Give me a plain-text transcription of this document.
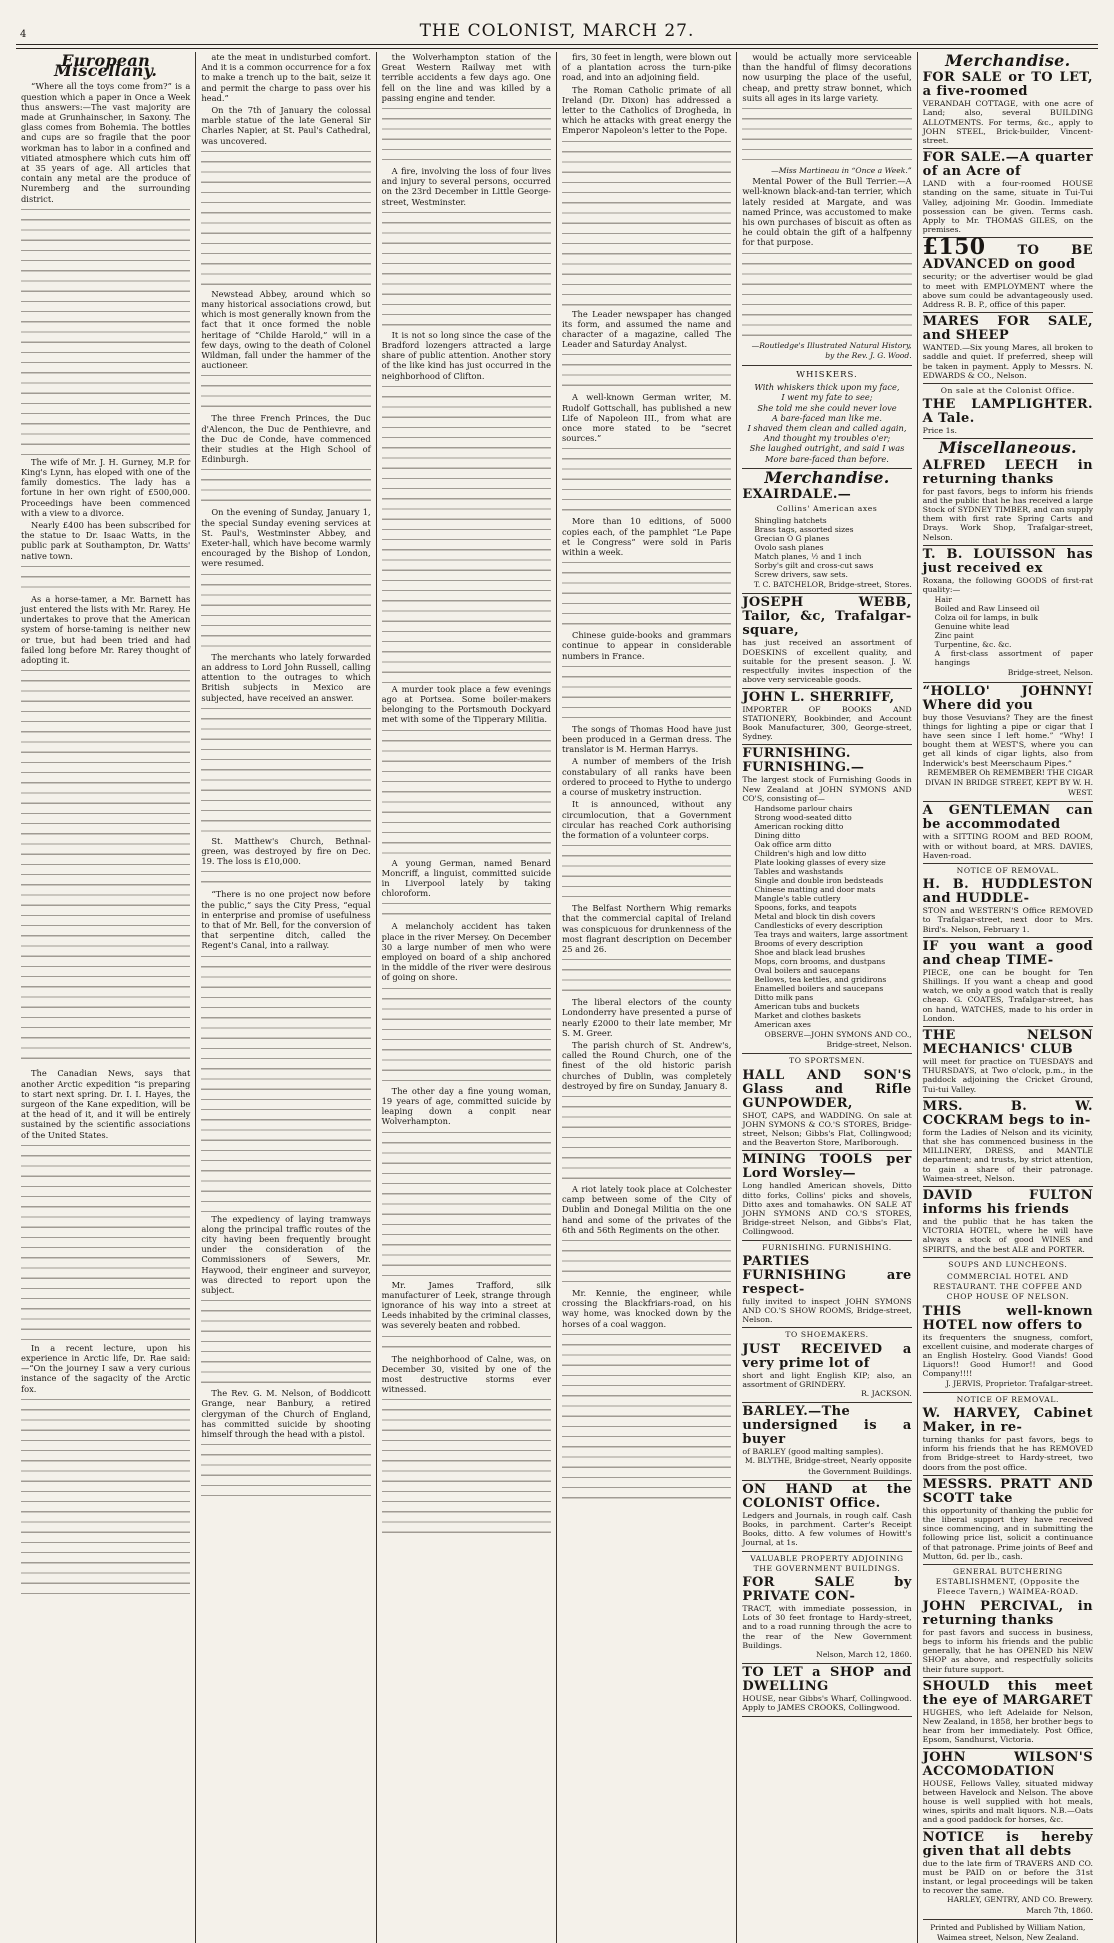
4	THE COLONIST, MARCH 27.
European Miscellany.

“Where all the toys come from?” is a question which a paper in Once a Week thus answers:—The vast majority are made at Grunhainscher, in Saxony. The glass comes from Bohemia. The bottles and cups are so fragile that the poor workman has to labor in a confined and vitiated atmosphere which cuts him off at 35 years of age. All articles that contain any metal are the produce of Nuremberg and the surrounding district.

The wife of Mr. J. H. Gurney, M.P. for King's Lynn, has eloped with one of the family domestics. The lady has a fortune in her own right of £500,000. Proceedings have been commenced with a view to a divorce.

Nearly £400 has been subscribed for the statue to Dr. Isaac Watts, in the public park at Southampton, Dr. Watts' native town.

As a horse-tamer, a Mr. Barnett has just entered the lists with Mr. Rarey. He undertakes to prove that the American system of horse-taming is neither new or true, but had been tried and had failed long before Mr. Rarey thought of adopting it.

The Canadian News, says that another Arctic expedition “is preparing to start next spring. Dr. I. I. Hayes, the surgeon of the Kane expedition, will be at the head of it, and it will be entirely sustained by the scientific associations of the United States.

In a recent lecture, upon his experience in Arctic life, Dr. Rae said:—“On the journey I saw a very curious instance of the sagacity of the Arctic fox.

ate the meat in undisturbed comfort. And it is a common occurrence for a fox to make a trench up to the bait, seize it and permit the charge to pass over his head.”

On the 7th of January the colossal marble statue of the late General Sir Charles Napier, at St. Paul's Cathedral, was uncovered.

Newstead Abbey, around which so many historical associations crowd, but which is most generally known from the fact that it once formed the noble heritage of “Childe Harold,” will in a few days, owing to the death of Colonel Wildman, fall under the hammer of the auctioneer.

The three French Princes, the Duc d'Alencon, the Duc de Penthievre, and the Duc de Conde, have commenced their studies at the High School of Edinburgh.

On the evening of Sunday, January 1, the special Sunday evening services at St. Paul's, Westminster Abbey, and Exeter-hall, which have become warmly encouraged by the Bishop of London, were resumed.

The merchants who lately forwarded an address to Lord John Russell, calling attention to the outrages to which British subjects in Mexico are subjected, have received an answer.

St. Matthew's Church, Bethnal-green, was destroyed by fire on Dec. 19. The loss is £10,000.

“There is no one project now before the public,” says the City Press, “equal in enterprise and promise of usefulness to that of Mr. Bell, for the conversion of that serpentine ditch, called the Regent's Canal, into a railway.

The expediency of laying tramways along the principal traffic routes of the city having been frequently brought under the consideration of the Commissioners of Sewers, Mr. Haywood, their engineer and surveyor, was directed to report upon the subject.

The Rev. G. M. Nelson, of Boddicott Grange, near Banbury, a retired clergyman of the Church of England, has committed suicide by shooting himself through the head with a pistol.

the Wolverhampton station of the Great Western Railway met with terrible accidents a few days ago. One fell on the line and was killed by a passing engine and tender.

A fire, involving the loss of four lives and injury to several persons, occurred on the 23rd December in Little George-street, Westminster.

It is not so long since the case of the Bradford lozengers attracted a large share of public attention. Another story of the like kind has just occurred in the neighborhood of Clifton.

A murder took place a few evenings ago at Portsea. Some boiler-makers belonging to the Portsmouth Dockyard met with some of the Tipperary Militia.

A young German, named Benard Moncriff, a linguist, committed suicide in Liverpool lately by taking chloroform.

A melancholy accident has taken place in the river Mersey. On December 30 a large number of men who were employed on board of a ship anchored in the middle of the river were desirous of going on shore.

The other day a fine young woman, 19 years of age, committed suicide by leaping down a conpit near Wolverhampton.

Mr. James Trafford, silk manufacturer of Leek, strange through ignorance of his way into a street at Leeds inhabited by the criminal classes, was severely beaten and robbed.

The neighborhood of Calne, was, on December 30, visited by one of the most destructive storms ever witnessed.

firs, 30 feet in length, were blown out of a plantation across the turn-pike road, and into an adjoining field.

The Roman Catholic primate of all Ireland (Dr. Dixon) has addressed a letter to the Catholics of Drogheda, in which he attacks with great energy the Emperor Napoleon's letter to the Pope.

The Leader newspaper has changed its form, and assumed the name and character of a magazine, called The Leader and Saturday Analyst.

A well-known German writer, M. Rudolf Gottschall, has published a new Life of Napoleon III., from what are once more stated to be “secret sources.”

More than 10 editions, of 5000 copies each, of the pamphlet “Le Pape et le Congress” were sold in Paris within a week.

Chinese guide-books and grammars continue to appear in considerable numbers in France.

The songs of Thomas Hood have just been produced in a German dress. The translator is M. Herman Harrys.

A number of members of the Irish constabulary of all ranks have been ordered to proceed to Hythe to undergo a course of musketry instruction.

It is announced, without any circumlocution, that a Government circular has reached Cork authorising the formation of a volunteer corps.

The Belfast Northern Whig remarks that the commercial capital of Ireland was conspicuous for drunkenness of the most flagrant description on December 25 and 26.

The liberal electors of the county Londonderry have presented a purse of nearly £2000 to their late member, Mr S. M. Greer.

The parish church of St. Andrew's, called the Round Church, one of the finest of the old historic parish churches of Dublin, was completely destroyed by fire on Sunday, January 8.

A riot lately took place at Colchester camp between some of the City of Dublin and Donegal Militia on the one hand and some of the privates of the 6th and 56th Regiments on the other.

Mr. Kennie, the engineer, while crossing the Blackfriars-road, on his way home, was knocked down by the horses of a coal waggon.

would be actually more serviceable than the handful of flimsy decorations now usurping the place of the useful, cheap, and pretty straw bonnet, which suits all ages in its large variety.

—Miss Martineau in “Once a Week.”

Mental Power of the Bull Terrier.—A well-known black-and-tan terrier, which lately resided at Margate, and was named Prince, was accustomed to make his own purchases of biscuit as often as he could obtain the gift of a halfpenny for that purpose.

—Routledge's Illustrated Natural History, by the Rev. J. G. Wood.
WHISKERS.
With whiskers thick upon my face,
I went my fate to see;
She told me she could never love
A bare-faced man like me.
I shaved them clean and called again,
And thought my troubles o'er;
She laughed outright, and said I was
More bare-faced than before.
Merchandise.
EXAIRDALE.—
Collins' American axes
Shingling hatchets
Brass tags, assorted sizes
Grecian O G planes
Ovolo sash planes
Match planes, ½ and 1 inch
Sorby's gilt and cross-cut saws
Screw drivers, saw sets.
T. C. BATCHELOR, Bridge-street, Stores.
JOSEPH WEBB, Tailor, &c, Trafalgar-square,
has just received an assortment of DOESKINS of excellent quality, and suitable for the present season. J. W. respectfully invites inspection of the above very serviceable goods.
JOHN L. SHERRIFF,
IMPORTER OF BOOKS AND STATIONERY, Bookbinder, and Account Book Manufacturer, 300, George-street, Sydney.
FURNISHING. FURNISHING.—
The largest stock of Furnishing Goods in New Zealand at JOHN SYMONS AND CO'S, consisting of—
Handsome parlour chairs
Strong wood-seated ditto
American rocking ditto
Dining ditto
Oak office arm ditto
Children's high and low ditto
Plate looking glasses of every size
Tables and washstands
Single and double iron bedsteads
Chinese matting and door mats
Mangle's table cutlery
Spoons, forks, and teapots
Metal and block tin dish covers
Candlesticks of every description
Tea trays and waiters, large assortment
Brooms of every description
Shoe and black lead brushes
Mops, corn brooms, and dustpans
Oval boilers and saucepans
Bellows, tea kettles, and gridirons
Enamelled boilers and saucepans
Ditto milk pans
American tubs and buckets
Market and clothes baskets
American axes
OBSERVE—JOHN SYMONS AND CO., Bridge-street, Nelson.
TO SPORTSMEN.
HALL AND SON'S Glass and Rifle GUNPOWDER,
SHOT, CAPS, and WADDING. On sale at JOHN SYMONS & CO.'S STORES, Bridge-street, Nelson; Gibbs's Flat, Collingwood; and the Beaverton Store, Marlborough.
MINING TOOLS per Lord Worsley—
Long handled American shovels, Ditto ditto forks, Collins' picks and shovels, Ditto axes and tomahawks. ON SALE AT JOHN SYMONS AND CO.'S STORES, Bridge-street Nelson, and Gibbs's Flat, Collingwood.
FURNISHING. FURNISHING.
PARTIES FURNISHING are respect-
fully invited to inspect JOHN SYMONS AND CO.'S SHOW ROOMS, Bridge-street, Nelson.
TO SHOEMAKERS.
JUST RECEIVED a very prime lot of
short and light English KIP; also, an assortment of GRINDERY.
R. JACKSON.
BARLEY.—The undersigned is a buyer
of BARLEY (good malting samples).
M. BLYTHE, Bridge-street, Nearly opposite the Government Buildings.
ON HAND at the COLONIST Office.
Ledgers and Journals, in rough calf. Cash Books, in parchment. Carter's Receipt Books, ditto. A few volumes of Howitt's Journal, at 1s.
VALUABLE PROPERTY ADJOINING THE GOVERNMENT BUILDINGS.
FOR SALE by PRIVATE CON-
TRACT, with immediate possession, in Lots of 30 feet frontage to Hardy-street, and to a road running through the acre to the rear of the New Government Buildings.
Nelson, March 12, 1860.
TO LET a SHOP and DWELLING
HOUSE, near Gibbs's Wharf, Collingwood. Apply to JAMES CROOKS, Collingwood.
Merchandise.
FOR SALE or TO LET, a five-roomed
VERANDAH COTTAGE, with one acre of Land; also, several BUILDING ALLOTMENTS. For terms, &c., apply to JOHN STEEL, Brick-builder, Vincent-street.
FOR SALE.—A quarter of an Acre of
LAND with a four-roomed HOUSE standing on the same, situate in Tui-Tui Valley, adjoining Mr. Goodin. Immediate possession can be given. Terms cash. Apply to Mr. THOMAS GILES, on the premises.
£150 TO BE ADVANCED on good
security; or the advertiser would be glad to meet with EMPLOYMENT where the above sum could be advantageously used. Address R. B. P., office of this paper.
MARES FOR SALE, and SHEEP
WANTED.—Six young Mares, all broken to saddle and quiet. If preferred, sheep will be taken in payment. Apply to Messrs. N. EDWARDS & CO., Nelson.
On sale at the Colonist Office.
THE LAMPLIGHTER. A Tale.
Price 1s.
Miscellaneous.
ALFRED LEECH in returning thanks
for past favors, begs to inform his friends and the public that he has received a large Stock of SYDNEY TIMBER, and can supply them with first rate Spring Carts and Drays. Work Shop, Trafalgar-street, Nelson.
T. B. LOUISSON has just received ex
Roxana, the following GOODS of first-rat quality:—
Hair
Boiled and Raw Linseed oil
Colza oil for lamps, in bulk
Genuine white lead
Zinc paint
Turpentine, &c. &c.
A first-class assortment of paper hangings
Bridge-street, Nelson.
“HOLLO' JOHNNY! Where did you
buy those Vesuvians? They are the finest things for lighting a pipe or cigar that I have seen since I left home.” “Why! I bought them at WEST'S, where you can get all kinds of cigar lights, also from Inderwick's best Meerschaum Pipes.”
REMEMBER Oh REMEMBER! THE CIGAR DIVAN IN BRIDGE STREET, KEPT BY W. H. WEST.
A GENTLEMAN can be accommodated
with a SITTING ROOM and BED ROOM, with or without board, at MRS. DAVIES, Haven-road.
NOTICE OF REMOVAL.
H. B. HUDDLESTON and HUDDLE-
STON and WESTERN'S Office REMOVED to Trafalgar-street, next door to Mrs. Bird's. Nelson, February 1.
IF you want a good and cheap TIME-
PIECE, one can be bought for Ten Shillings. If you want a cheap and good watch, we only a good watch that is really cheap. G. COATES, Trafalgar-street, has on hand, WATCHES, made to his order in London.
THE NELSON MECHANICS' CLUB
will meet for practice on TUESDAYS and THURSDAYS, at Two o'clock, p.m., in the paddock adjoining the Cricket Ground, Tui-tui Valley.
MRS. B. W. COCKRAM begs to in-
form the Ladies of Nelson and its vicinity, that she has commenced business in the MILLINERY, DRESS, and MANTLE department; and trusts, by strict attention, to gain a share of their patronage. Waimea-street, Nelson.
DAVID FULTON informs his friends
and the public that he has taken the VICTORIA HOTEL, where he will have always a stock of good WINES and SPIRITS, and the best ALE and PORTER.
SOUPS AND LUNCHEONS.
COMMERCIAL HOTEL AND RESTAURANT. THE COFFEE AND CHOP HOUSE OF NELSON.
THIS well-known HOTEL now offers to
its frequenters the snugness, comfort, excellent cuisine, and moderate charges of an English Hostelry. Good Viands! Good Liquors!! Good Humor!! and Good Company!!!!
J. JERVIS, Proprietor. Trafalgar-street.
NOTICE OF REMOVAL.
W. HARVEY, Cabinet Maker, in re-
turning thanks for past favors, begs to inform his friends that he has REMOVED from Bridge-street to Hardy-street, two doors from the post office.
MESSRS. PRATT AND SCOTT take
this opportunity of thanking the public for the liberal support they have received since commencing, and in submitting the following price list, solicit a continuance of that patronage. Prime joints of Beef and Mutton, 6d. per lb., cash.
GENERAL BUTCHERING ESTABLISHMENT, (Opposite the Fleece Tavern,) WAIMEA-ROAD.
JOHN PERCIVAL, in returning thanks
for past favors and success in business, begs to inform his friends and the public generally, that he has OPENED his NEW SHOP as above, and respectfully solicits their future support.
SHOULD this meet the eye of MARGARET
HUGHES, who left Adelaide for Nelson, New Zealand, in 1858, her brother begs to hear from her immediately. Post Office, Epsom, Sandhurst, Victoria.
JOHN WILSON'S ACCOMODATION
HOUSE, Fellows Valley, situated midway between Havelock and Nelson. The above house is well supplied with hot meals, wines, spirits and malt liquors. N.B.—Oats and a good paddock for horses, &c.
NOTICE is hereby given that all debts
due to the late firm of TRAVERS AND CO. must be PAID on or before the 31st instant, or legal proceedings will be taken to recover the same.
HARLEY, GENTRY, AND CO. Brewery. March 7th, 1860.
Printed and Published by William Nation, Waimea street, Nelson, New Zealand.
